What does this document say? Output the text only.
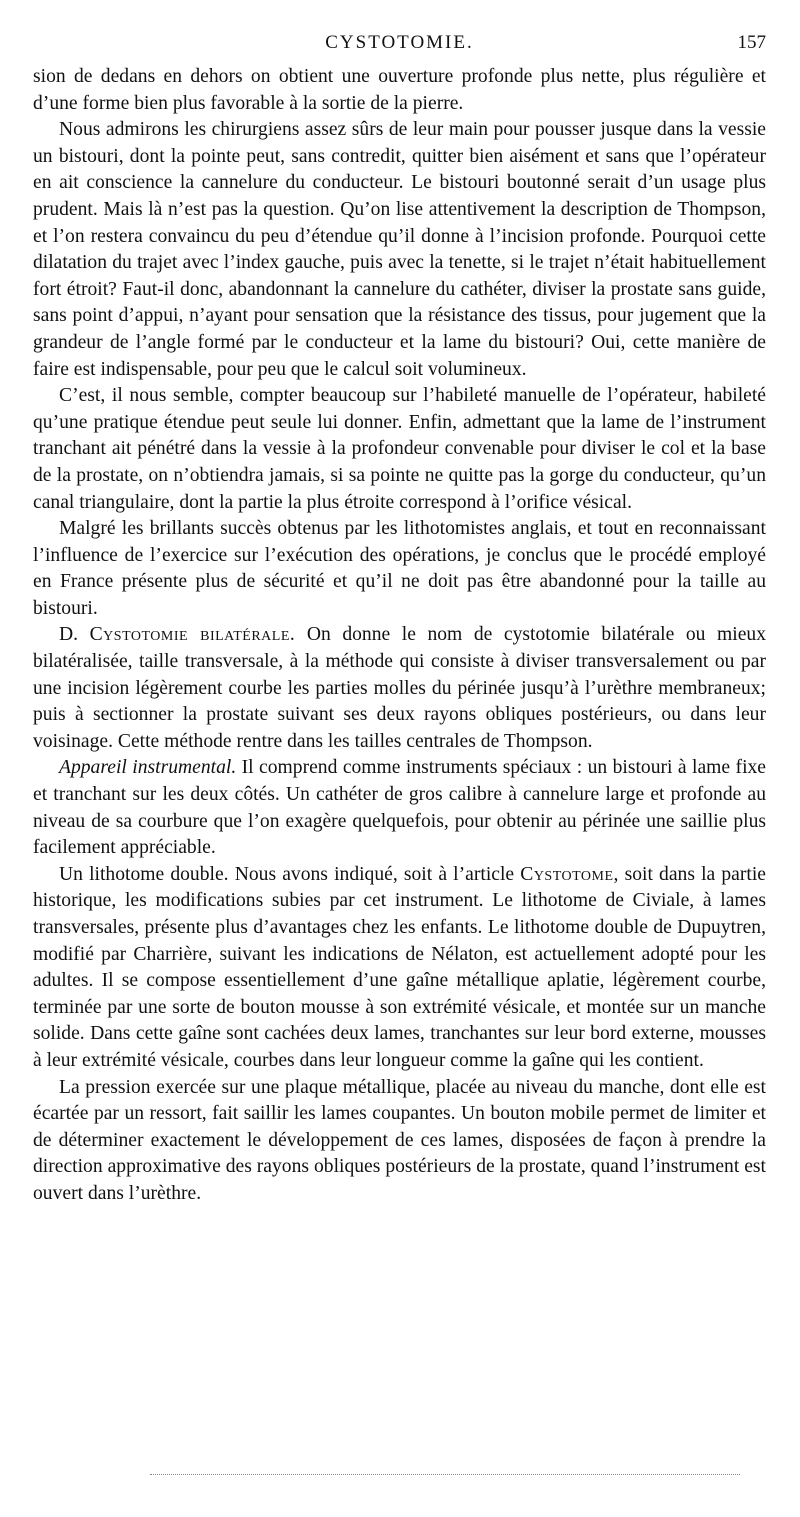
CYSTOTOMIE.	157

sion de dedans en dehors on obtient une ouverture profonde plus nette, plus régulière et d’une forme bien plus favorable à la sortie de la pierre.

Nous admirons les chirurgiens assez sûrs de leur main pour pousser jusque dans la vessie un bistouri, dont la pointe peut, sans contredit, quitter bien aisément et sans que l’opérateur en ait conscience la cannelure du conducteur. Le bistouri boutonné serait d’un usage plus prudent. Mais là n’est pas la question. Qu’on lise attentivement la description de Thompson, et l’on restera convaincu du peu d’étendue qu’il donne à l’incision profonde. Pourquoi cette dilatation du trajet avec l’index gauche, puis avec la tenette, si le trajet n’était habituellement fort étroit? Faut-il donc, abandonnant la cannelure du cathéter, diviser la prostate sans guide, sans point d’appui, n’ayant pour sensation que la résistance des tissus, pour jugement que la grandeur de l’angle formé par le conducteur et la lame du bistouri? Oui, cette manière de faire est indispensable, pour peu que le calcul soit volumineux.

C’est, il nous semble, compter beaucoup sur l’habileté manuelle de l’opérateur, habileté qu’une pratique étendue peut seule lui donner. Enfin, admettant que la lame de l’instrument tranchant ait pénétré dans la vessie à la profondeur convenable pour diviser le col et la base de la prostate, on n’obtiendra jamais, si sa pointe ne quitte pas la gorge du conducteur, qu’un canal triangulaire, dont la partie la plus étroite correspond à l’orifice vésical.

Malgré les brillants succès obtenus par les lithotomistes anglais, et tout en reconnaissant l’influence de l’exercice sur l’exécution des opérations, je conclus que le procédé employé en France présente plus de sécurité et qu’il ne doit pas être abandonné pour la taille au bistouri.

D. Cystotomie bilatérale. On donne le nom de cystotomie bilatérale ou mieux bilatéralisée, taille transversale, à la méthode qui consiste à diviser transversalement ou par une incision légèrement courbe les parties molles du périnée jusqu’à l’urèthre membraneux; puis à sectionner la prostate suivant ses deux rayons obliques postérieurs, ou dans leur voisinage. Cette méthode rentre dans les tailles centrales de Thompson.

Appareil instrumental. Il comprend comme instruments spéciaux : un bistouri à lame fixe et tranchant sur les deux côtés. Un cathéter de gros calibre à cannelure large et profonde au niveau de sa courbure que l’on exagère quelquefois, pour obtenir au périnée une saillie plus facilement appréciable.

Un lithotome double. Nous avons indiqué, soit à l’article Cystotome, soit dans la partie historique, les modifications subies par cet instrument. Le lithotome de Civiale, à lames transversales, présente plus d’avantages chez les enfants. Le lithotome double de Dupuytren, modifié par Charrière, suivant les indications de Nélaton, est actuellement adopté pour les adultes. Il se compose essentiellement d’une gaîne métallique aplatie, légèrement courbe, terminée par une sorte de bouton mousse à son extrémité vésicale, et montée sur un manche solide. Dans cette gaîne sont cachées deux lames, tranchantes sur leur bord externe, mousses à leur extrémité vésicale, courbes dans leur longueur comme la gaîne qui les contient.

La pression exercée sur une plaque métallique, placée au niveau du manche, dont elle est écartée par un ressort, fait saillir les lames coupantes. Un bouton mobile permet de limiter et de déterminer exactement le développement de ces lames, disposées de façon à prendre la direction approximative des rayons obliques postérieurs de la prostate, quand l’instrument est ouvert dans l’urèthre.
